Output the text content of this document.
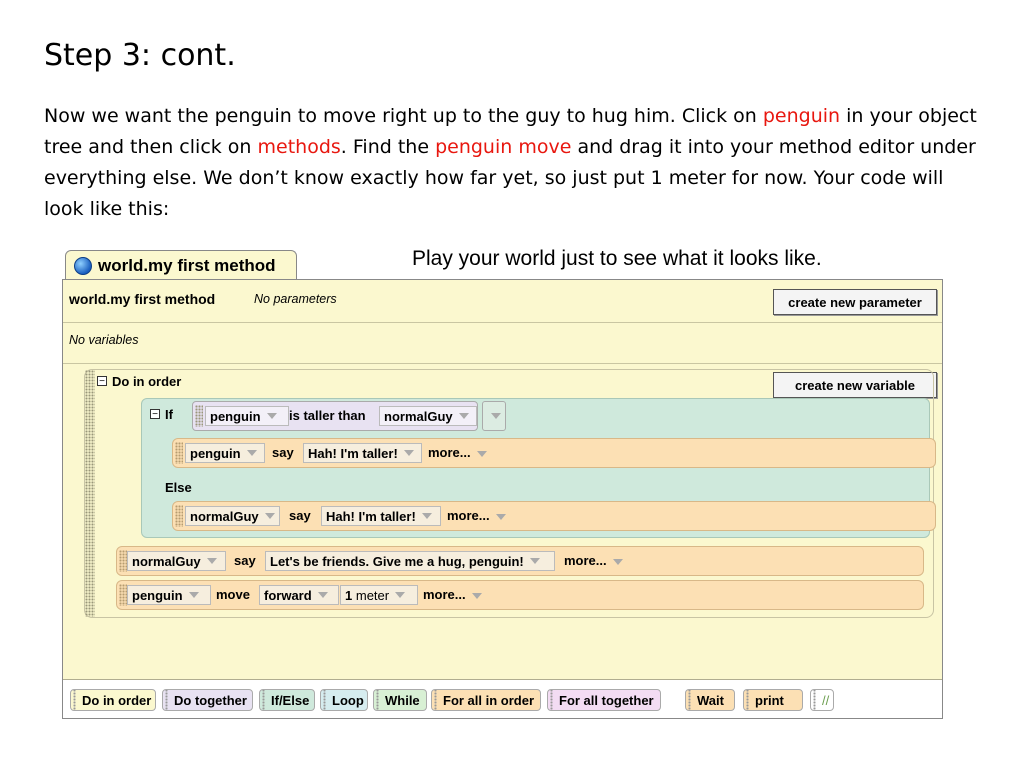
Step 3: cont.
Now we want the penguin to move right up to the guy to hug him. Click on penguin in your object tree and then click on methods. Find the penguin move and drag it into your method editor under everything else. We don’t know exactly how far yet, so just put 1 meter for now. Your code will look like this:
Play your world just to see what it looks like.
world.my first method
world.my first method	No parameters	create new parameter
No variables
create new variable
− Do in order
− If	penguin is taller than normalGuy
penguin say Hah! I'm taller! more...
Else
normalGuy say Hah! I'm taller! more...
normalGuy	say Let's be friends. Give me a hug, penguin!	more...
penguin	move forward	1
meter	more...
Do in order	Do together	If/Else	Loop	While	For all in order	For all together	Wait	print	//
